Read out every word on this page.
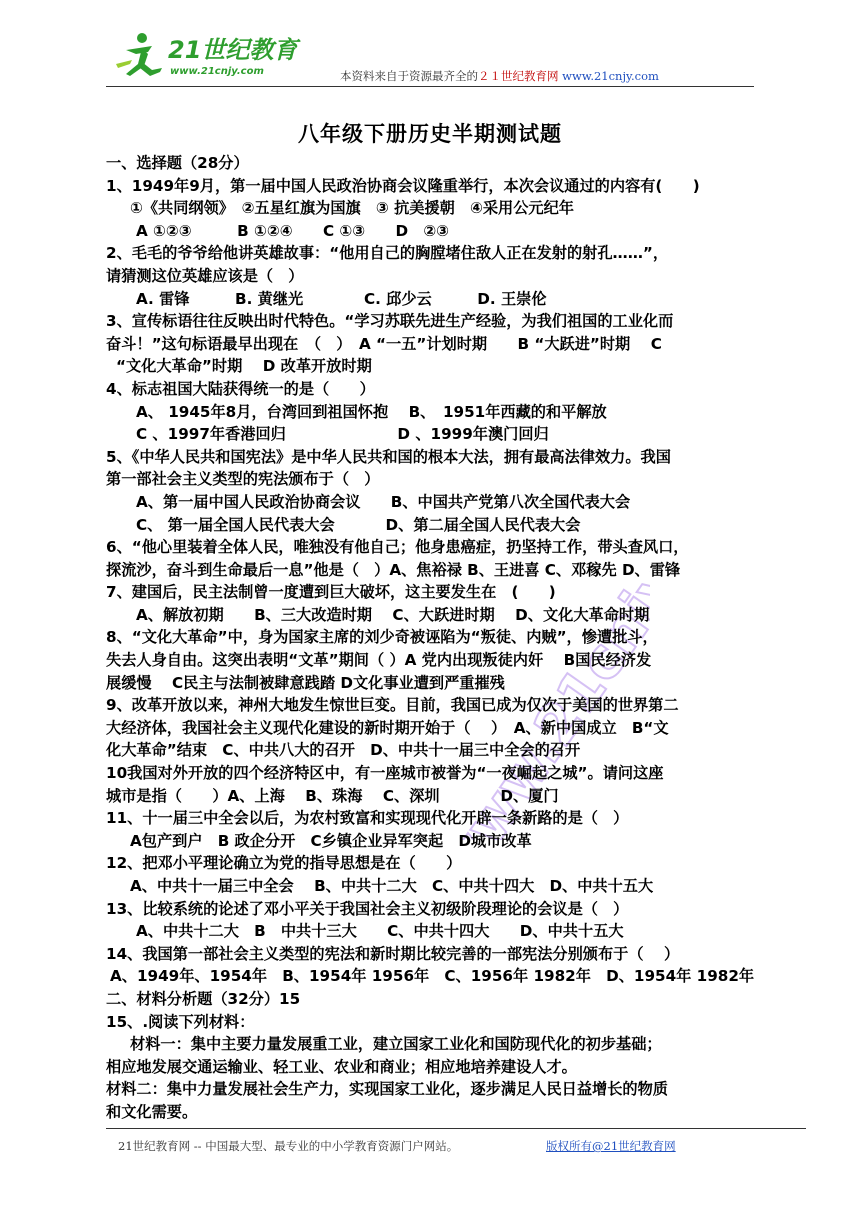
21世纪教育
www.21cnjy.com	本资料来自于资源最齐全的２１世纪教育网 www.21cnjy.com
八年级下册历史半期测试题
www.21cnjy.com
一、选择题（28分）
1、1949年9月，第一届中国人民政治协商会议隆重举行，本次会议通过的内容有(　　)
①《共同纲领》　②五星红旗为国旗　③ 抗美援朝　④采用公元纪年
A ①②③　　　B ①②④　　C ①③　　D　②③
2、毛毛的爷爷给他讲英雄故事：“他用自己的胸膛堵住敌人正在发射的射孔……”，
请猜测这位英雄应该是（　）
A. 雷锋　　　B. 黄继光　　　　C. 邱少云　　　D. 王崇伦
3、宣传标语往往反映出时代特色。“学习苏联先进生产经验，为我们祖国的工业化而
奋斗！”这句标语最早出现在　（　）　A “一五”计划时期　　B “大跃进”时期　 C
“文化大革命”时期　 D 改革开放时期
4、标志祖国大陆获得统一的是（　　）
A、 1945年8月，台湾回到祖国怀抱　 B、　1951年西藏的和平解放
C 、1997年香港回归　　　　　　　 D 、1999年澳门回归
5、《中华人民共和国宪法》是中华人民共和国的根本大法，拥有最高法律效力。我国
第一部社会主义类型的宪法颁布于（　）
A、第一届中国人民政治协商会议　　B、中国共产党第八次全国代表大会
C、 第一届全国人民代表大会　　　 D、第二届全国人民代表大会
6、“他心里装着全体人民，唯独没有他自己；他身患癌症，扔坚持工作，带头查风口，
探流沙，奋斗到生命最后一息”他是（　）A、焦裕禄 B、王进喜 C、邓稼先 D、雷锋
7、建国后，民主法制曾一度遭到巨大破坏，这主要发生在　(　　)
A、解放初期　　B、三大改造时期　 C、大跃进时期　 D、文化大革命时期
8、“文化大革命”中，身为国家主席的刘少奇被诬陷为“叛徒、内贼”，惨遭批斗，
失去人身自由。这突出表明“文革”期间（ ）A 党内出现叛徒内奸　 B国民经济发
展缓慢　 C民主与法制被肆意践踏 D文化事业遭到严重摧残
9、改革开放以来，神州大地发生惊世巨变。目前，我国已成为仅次于美国的世界第二
大经济体，我国社会主义现代化建设的新时期开始于（　 ）　A、新中国成立　B“文
化大革命”结束　C、中共八大的召开　D、中共十一届三中全会的召开
10我国对外开放的四个经济特区中，有一座城市被誉为“一夜崛起之城”。请问这座
城市是指（　　）A、上海　 B、珠海　 C、深圳　　　　D、厦门
11、十一届三中全会以后，为农村致富和实现现代化开辟一条新路的是（　）
A包产到户　B 政企分开　C乡镇企业异军突起　D城市改革
12、把邓小平理论确立为党的指导思想是在（　　）
A、中共十一届三中全会　 B、中共十二大　C、中共十四大　D、中共十五大
13、比较系统的论述了邓小平关于我国社会主义初级阶段理论的会议是（　）
A、中共十二大　B　中共十三大　　C、中共十四大　　D、中共十五大
14、我国第一部社会主义类型的宪法和新时期比较完善的一部宪法分别颁布于（　 ）
A、1949年、1954年　B、1954年 1956年　C、1956年 1982年　D、1954年 1982年
二、材料分析题（32分）15
15、.阅读下列材料：
材料一：集中主要力量发展重工业，建立国家工业化和国防现代化的初步基础；
相应地发展交通运输业、轻工业、农业和商业；相应地培养建设人才。
材料二：集中力量发展社会生产力，实现国家工业化，逐步满足人民日益增长的物质
和文化需要。
21世纪教育网 -- 中国最大型、最专业的中小学教育资源门户网站。	版权所有@21世纪教育网
